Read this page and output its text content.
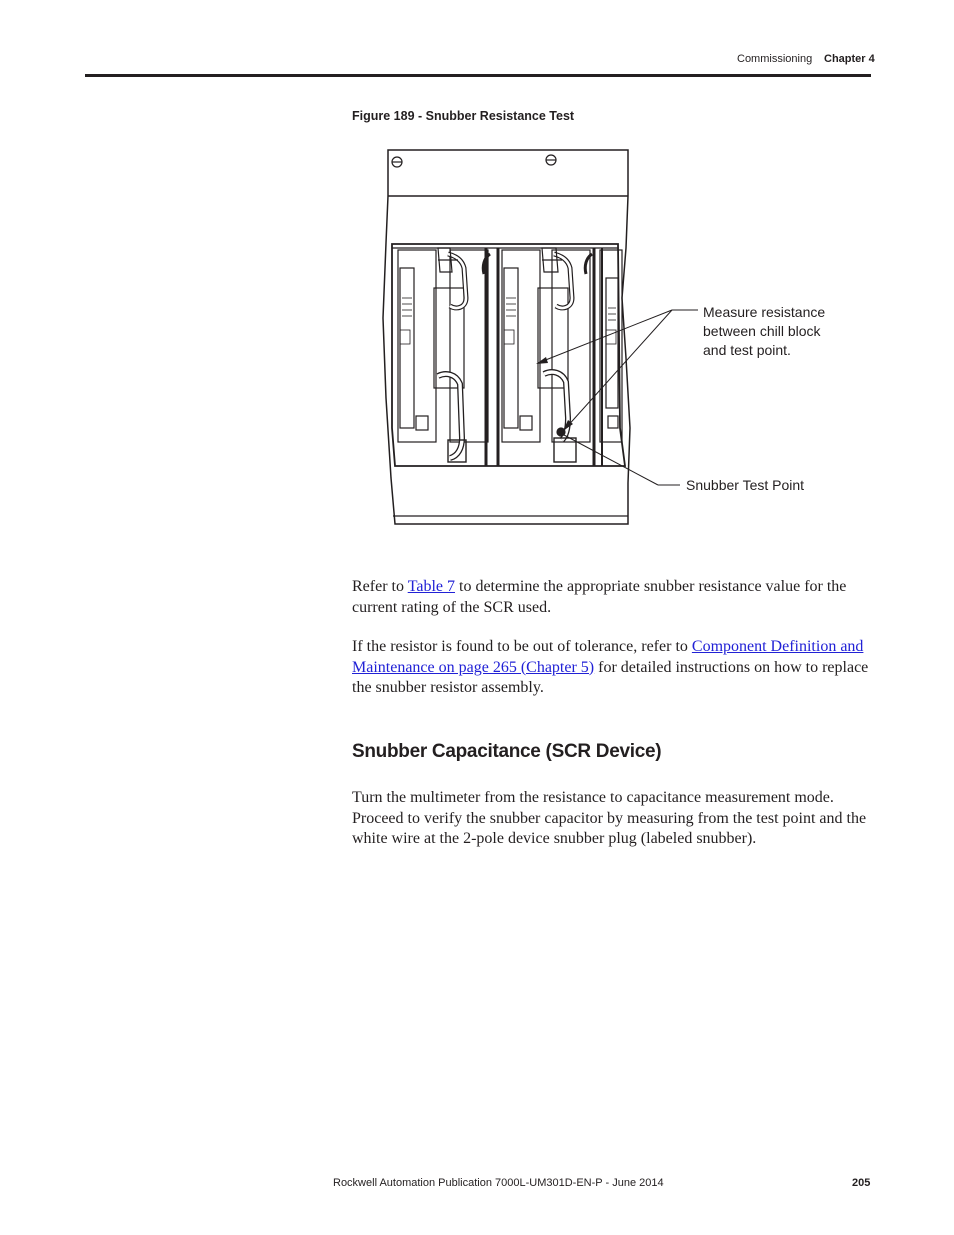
Commissioning Chapter 4
Figure 189 - Snubber Resistance Test
Measure resistance
between chill block
and test point.
Snubber Test Point

Refer to Table 7 to determine the appropriate snubber resistance value for the current rating of the SCR used.

If the resistor is found to be out of tolerance, refer to Component Definition and Maintenance on page 265 (Chapter 5) for detailed instructions on how to replace the snubber resistor assembly.

Snubber Capacitance (SCR Device)

Turn the multimeter from the resistance to capacitance measurement mode. Proceed to verify the snubber capacitor by measuring from the test point and the white wire at the 2-pole device snubber plug (labeled snubber).

Rockwell Automation Publication 7000L-UM301D-EN-P - June 2014	205
